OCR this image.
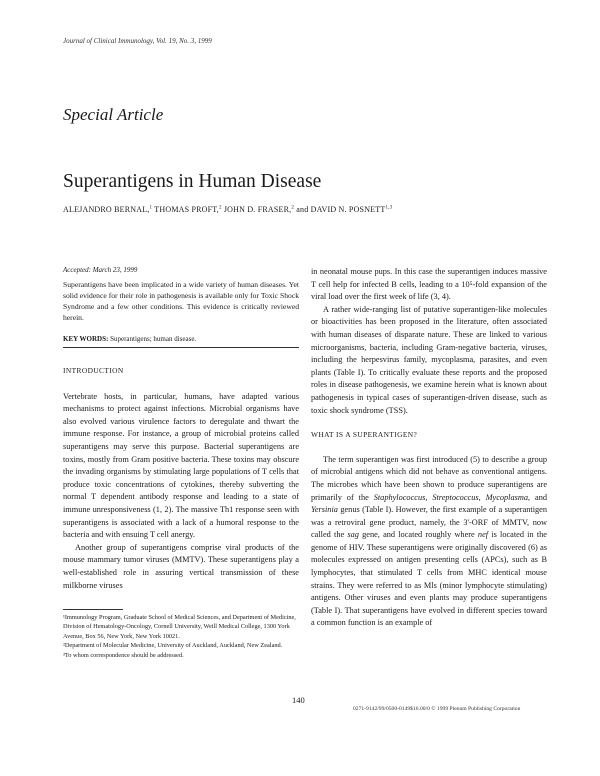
Journal of Clinical Immunology, Vol. 19, No. 3, 1999
Special Article
Superantigens in Human Disease
ALEJANDRO BERNAL,$^1$ THOMAS PROFT,$^2$ JOHN D. FRASER,$^2$ and DAVID N. POSNETT$^{1,3}$
Accepted: March 23, 1999
Superantigens have been implicated in a wide variety of human diseases. Yet solid evidence for their role in pathogenesis is available only for Toxic Shock Syndrome and a few other conditions. This evidence is critically reviewed herein.
KEY WORDS: Superantigens; human disease.
INTRODUCTION

Vertebrate hosts, in particular, humans, have adapted various mechanisms to protect against infections. Microbial organisms have also evolved various virulence factors to deregulate and thwart the immune response. For instance, a group of microbial proteins called superantigens may serve this purpose. Bacterial superantigens are toxins, mostly from Gram positive bacteria. These toxins may obscure the invading organisms by stimulating large populations of T cells that produce toxic concentrations of cytokines, thereby subverting the normal T dependent antibody response and leading to a state of immune unresponsiveness (1, 2). The massive Th1 response seen with superantigens is associated with a lack of a humoral response to the bacteria and with ensuing T cell anergy.

Another group of superantigens comprise viral products of the mouse mammary tumor viruses (MMTV). These superantigens play a well-established role in assuring vertical transmission of these milkborne viruses

¹Immunology Program, Graduate School of Medical Sciences, and Department of Medicine, Division of Hematology-Oncology, Cornell University, Weill Medical College, 1300 York Avenue, Box 56, New York, New York 10021.

²Department of Molecular Medicine, University of Auckland, Auckland, New Zealand.

³To whom correspondence should be addressed.

in neonatal mouse pups. In this case the superantigen induces massive T cell help for infected B cells, leading to a 10⁵-fold expansion of the viral load over the first week of life (3, 4).

A rather wide-ranging list of putative superantigen-like molecules or bioactivities has been proposed in the literature, often associated with human diseases of disparate nature. These are linked to various microorganisms, bacteria, including Gram-negative bacteria, viruses, including the herpesvirus family, mycoplasma, parasites, and even plants (Table I). To critically evaluate these reports and the proposed roles in disease pathogenesis, we examine herein what is known about pathogenesis in typical cases of superantigen-driven disease, such as toxic shock syndrome (TSS).

WHAT IS A SUPERANTIGEN?

The term superantigen was first introduced (5) to describe a group of microbial antigens which did not behave as conventional antigens. The microbes which have been shown to produce superantigens are primarily of the Staphylococcus, Streptococcus, Mycoplasma, and Yersinia genus (Table I). However, the first example of a superantigen was a retroviral gene product, namely, the 3'-ORF of MMTV, now called the sag gene, and located roughly where nef is located in the genome of HIV. These superantigens were originally discovered (6) as molecules expressed on antigen presenting cells (APCs), such as B lymphocytes, that stimulated T cells from MHC identical mouse strains. They were referred to as Mls (minor lymphocyte stimulating) antigens. Other viruses and even plants may produce superantigens (Table I). That superantigens have evolved in different species toward a common function is an example of

140
0271-9142/99/0500-0149$16.00/0 © 1999 Plenum Publishing Corporation
